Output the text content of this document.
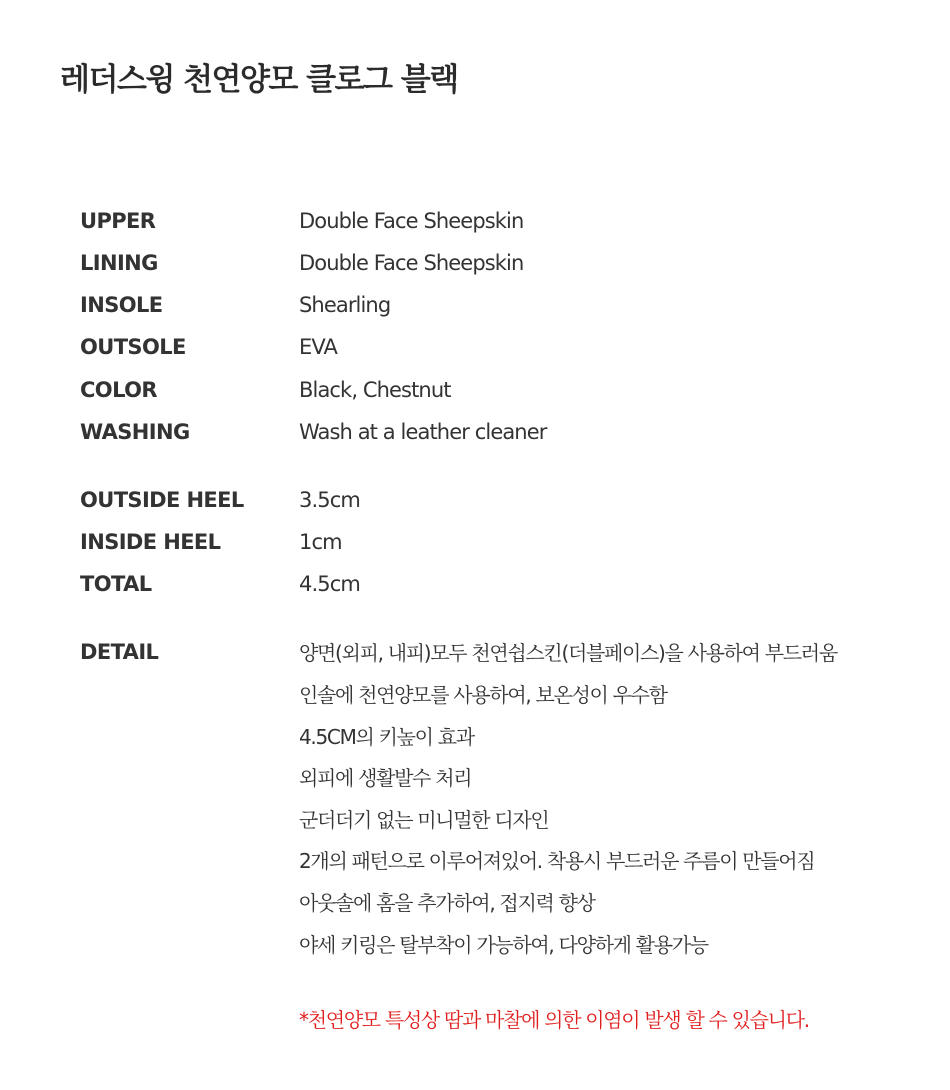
레더스윙 천연양모 클로그 블랙
UPPER	Double Face Sheepskin
LINING	Double Face Sheepskin
INSOLE	Shearling
OUTSOLE	EVA
COLOR	Black, Chestnut
WASHING	Wash at a leather cleaner
OUTSIDE HEEL	3.5cm
INSIDE HEEL	1cm
TOTAL	4.5cm
DETAIL	양면(외피, 내피)모두 천연쉽스킨(더블페이스)을 사용하여 부드러움
인솔에 천연양모를 사용하여, 보온성이 우수함
4.5CM의 키높이 효과
외피에 생활발수 처리
군더더기 없는 미니멀한 디자인
2개의 패턴으로 이루어져있어. 착용시 부드러운 주름이 만들어짐
아웃솔에 홈을 추가하여, 접지력 향상
야세 키링은 탈부착이 가능하여, 다양하게 활용가능
*천연양모 특성상 땀과 마찰에 의한 이염이 발생 할 수 있습니다.
